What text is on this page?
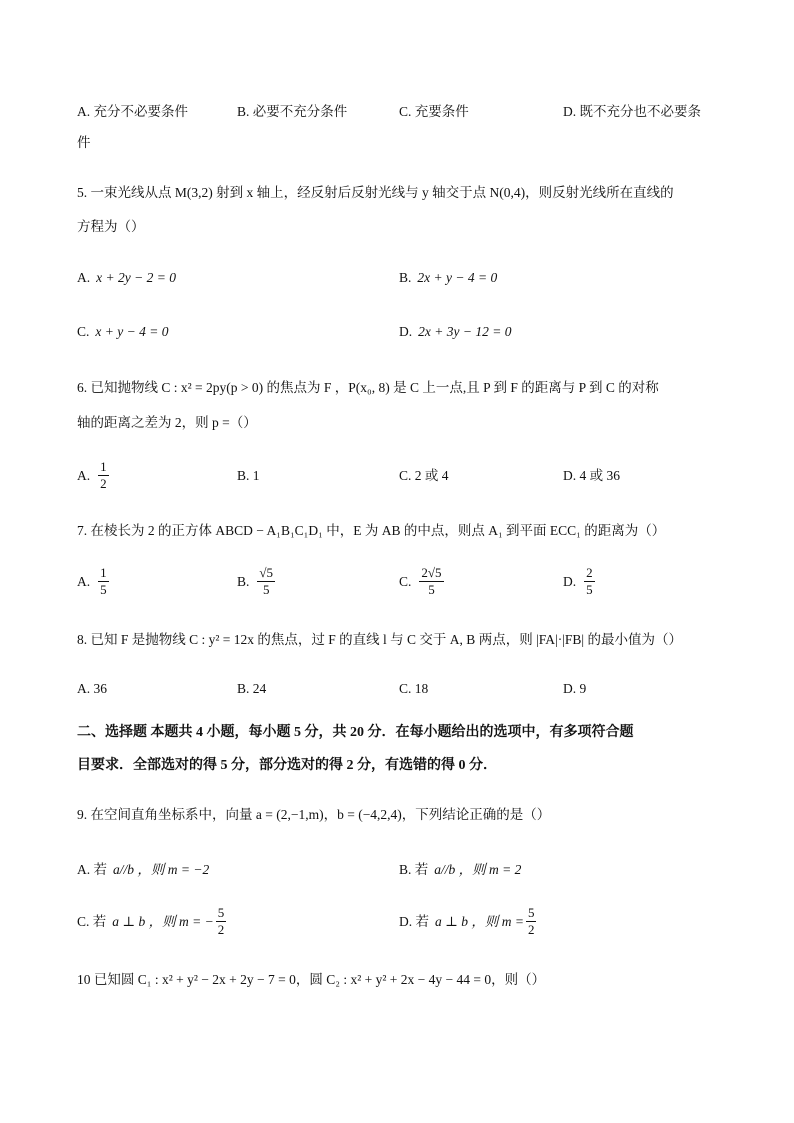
A. 充分不必要条件	B. 必要不充分条件	C. 充要条件	D. 既不充分也不必要条
件
5. 一束光线从点 M(3,2) 射到 x 轴上，经反射后反射光线与 y 轴交于点 N(0,4)，则反射光线所在直线的
方程为（）
A. x + 2y − 2 = 0	B. 2x + y − 4 = 0
C. x + y − 4 = 0	D. 2x + 3y − 12 = 0
6. 已知抛物线 C : x² = 2py(p > 0) 的焦点为 F ，P(x₀, 8) 是 C 上一点,且 P 到 F 的距离与 P 到 C 的对称
轴的距离之差为 2，则 p =（）
A. $\frac{1}{2}$	B. 1	C. 2 或 4	D. 4 或 36
7. 在棱长为 2 的正方体 ABCD − A₁B₁C₁D₁ 中，E 为 AB 的中点，则点 A₁ 到平面 ECC₁ 的距离为（）
A. $\frac{1}{5}$	B. $\frac{√5}{5}$	C. $\frac{2√5}{5}$	D. $\frac{2}{5}$
8. 已知 F 是抛物线 C : y² = 12x 的焦点，过 F 的直线 l 与 C 交于 A, B 两点，则 |FA|·|FB| 的最小值为（）
A. 36	B. 24	C. 18	D. 9
二、选择题 本题共 4 小题，每小题 5 分，共 20 分．在每小题给出的选项中，有多项符合题
目要求．全部选对的得 5 分，部分选对的得 2 分，有选错的得 0 分．
9. 在空间直角坐标系中，向量 a = (2,−1,m)，b = (−4,2,4)，下列结论正确的是（）
A. 若 a//b ，则 m = −2	B. 若 a//b ，则 m = 2
C. 若 a ⊥ b ，则 m = − $\frac{5}{2}$	D. 若 a ⊥ b ，则 $m = \frac{5}{2}$
10 已知圆 C₁ : x² + y² − 2x + 2y − 7 = 0，圆 C₂ : x² + y² + 2x − 4y − 44 = 0，则（）
